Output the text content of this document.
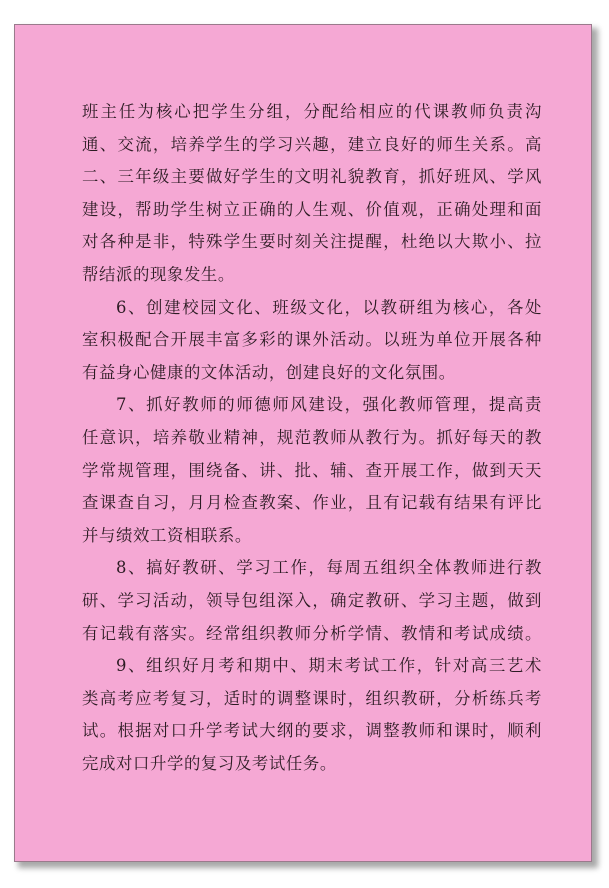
班主任为核心把学生分组，分配给相应的代课教师负责沟
通、交流，培养学生的学习兴趣，建立良好的师生关系。高
二、三年级主要做好学生的文明礼貌教育，抓好班风、学风
建设，帮助学生树立正确的人生观、价值观，正确处理和面
对各种是非，特殊学生要时刻关注提醒，杜绝以大欺小、拉
帮结派的现象发生。
6、创建校园文化、班级文化，以教研组为核心，各处
室积极配合开展丰富多彩的课外活动。以班为单位开展各种
有益身心健康的文体活动，创建良好的文化氛围。
7、抓好教师的师德师风建设，强化教师管理，提高责
任意识，培养敬业精神，规范教师从教行为。抓好每天的教
学常规管理，围绕备、讲、批、辅、查开展工作，做到天天
查课查自习，月月检查教案、作业，且有记载有结果有评比
并与绩效工资相联系。
8、搞好教研、学习工作，每周五组织全体教师进行教
研、学习活动，领导包组深入，确定教研、学习主题，做到
有记载有落实。经常组织教师分析学情、教情和考试成绩。
9、组织好月考和期中、期末考试工作，针对高三艺术
类高考应考复习，适时的调整课时，组织教研，分析练兵考
试。根据对口升学考试大纲的要求，调整教师和课时，顺利
完成对口升学的复习及考试任务。
